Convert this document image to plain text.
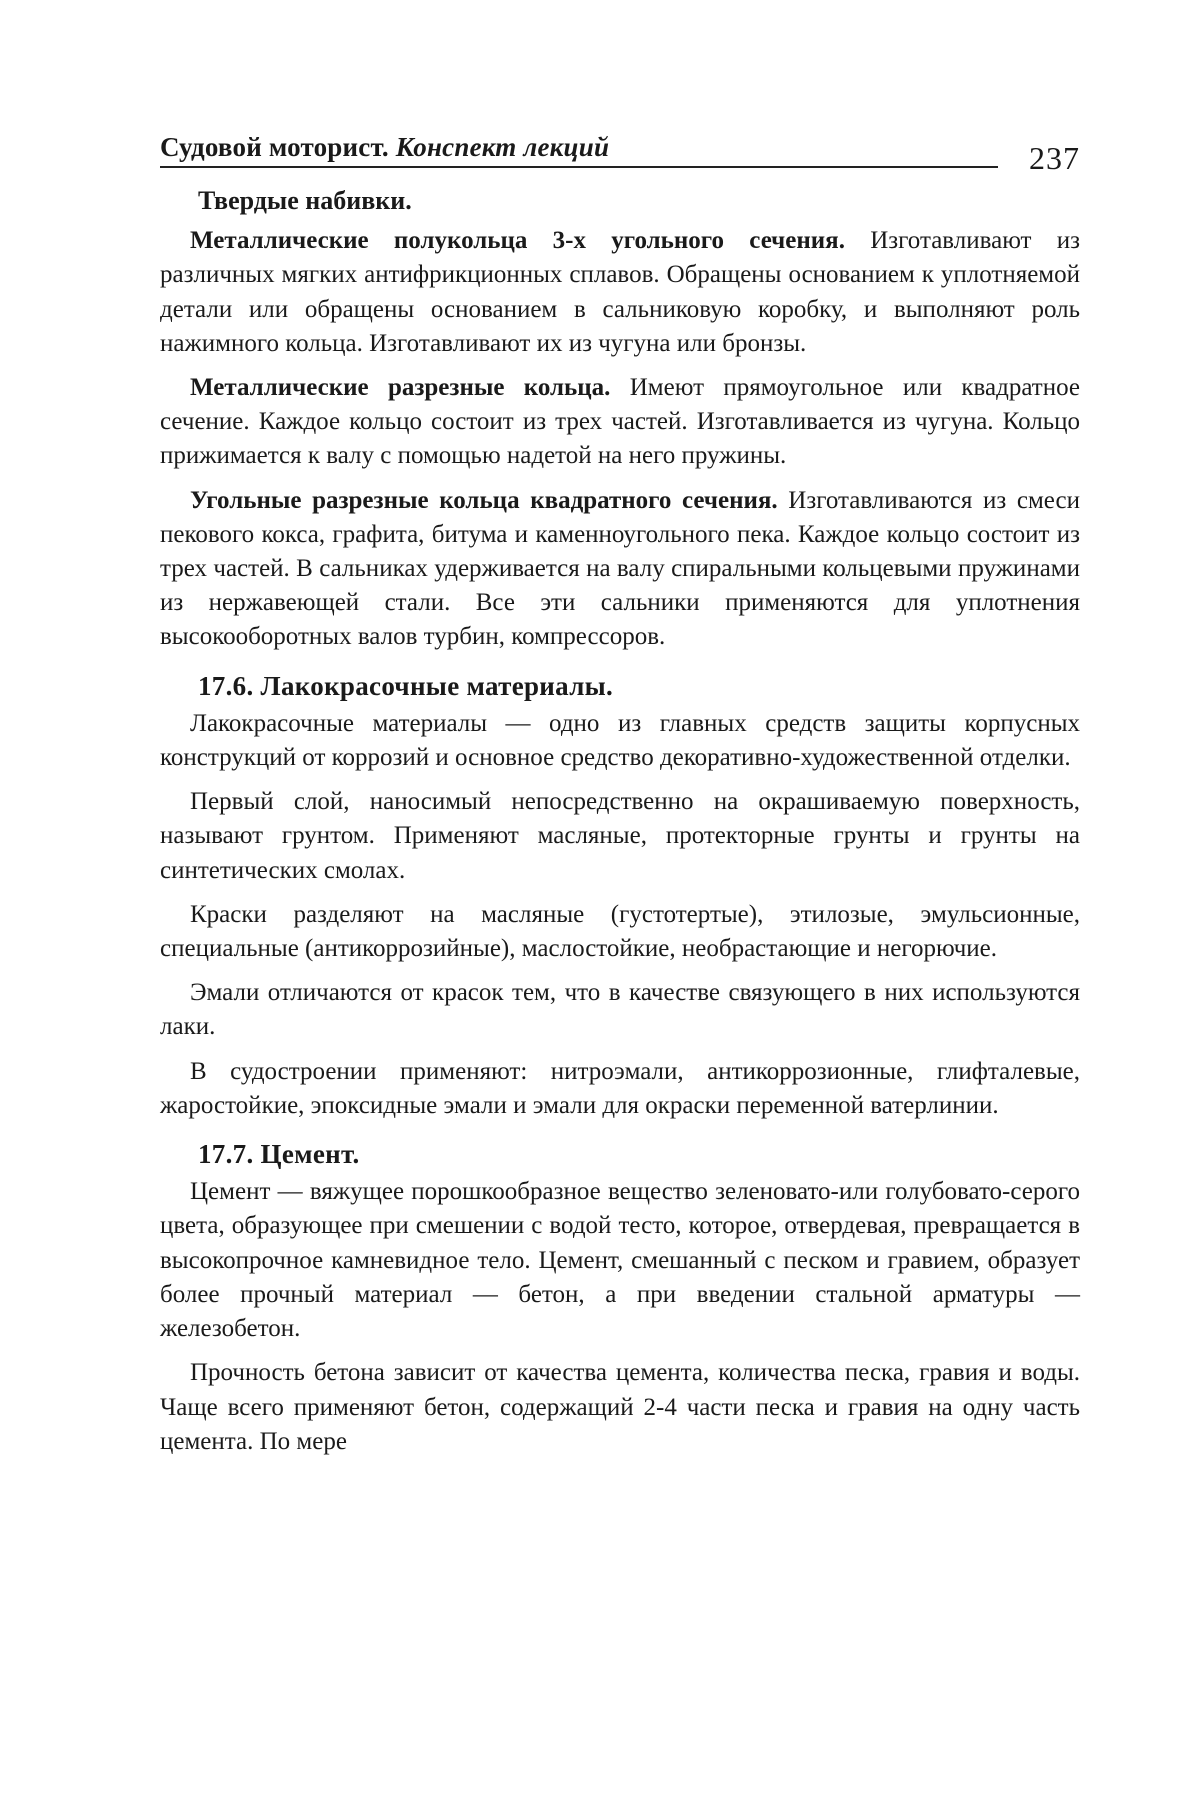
Судовой моторист. Конспект лекций	237
Твердые набивки.

Металлические полукольца 3-х угольного сечения. Изготавливают из различных мягких антифрикционных сплавов. Обращены основанием к уплотняемой детали или обращены основанием в сальниковую коробку, и выполняют роль нажимного кольца. Изготавливают их из чугуна или бронзы.

Металлические разрезные кольца. Имеют прямоугольное или квадратное сечение. Каждое кольцо состоит из трех частей. Изготавливается из чугуна. Кольцо прижимается к валу с помощью надетой на него пружины.

Угольные разрезные кольца квадратного сечения. Изготавливаются из смеси пекового кокса, графита, битума и каменноугольного пека. Каждое кольцо состоит из трех частей. В сальниках удерживается на валу спиральными кольцевыми пружинами из нержавеющей стали. Все эти сальники применяются для уплотнения высокооборотных валов турбин, компрессоров.

17.6. Лакокрасочные материалы.

Лакокрасочные материалы — одно из главных средств защиты корпусных конструкций от коррозий и основное средство декоративно-художественной отделки.

Первый слой, наносимый непосредственно на окрашиваемую поверхность, называют грунтом. Применяют масляные, протекторные грунты и грунты на синтетических смолах.

Краски разделяют на масляные (густотертые), этилозые, эмульсионные, специальные (антикоррозийные), маслостойкие, необрастающие и негорючие.

Эмали отличаются от красок тем, что в качестве связующего в них используются лаки.

В судостроении применяют: нитроэмали, антикоррозионные, глифталевые, жаростойкие, эпоксидные эмали и эмали для окраски переменной ватерлинии.

17.7. Цемент.

Цемент — вяжущее порошкообразное вещество зеленовато-или голубовато-серого цвета, образующее при смешении с водой тесто, которое, отвердевая, превращается в высокопрочное камневидное тело. Цемент, смешанный с песком и гравием, образует более прочный материал — бетон, а при введении стальной арматуры — железобетон.

Прочность бетона зависит от качества цемента, количества песка, гравия и воды. Чаще всего применяют бетон, содержащий 2-4 части песка и гравия на одну часть цемента. По мере
